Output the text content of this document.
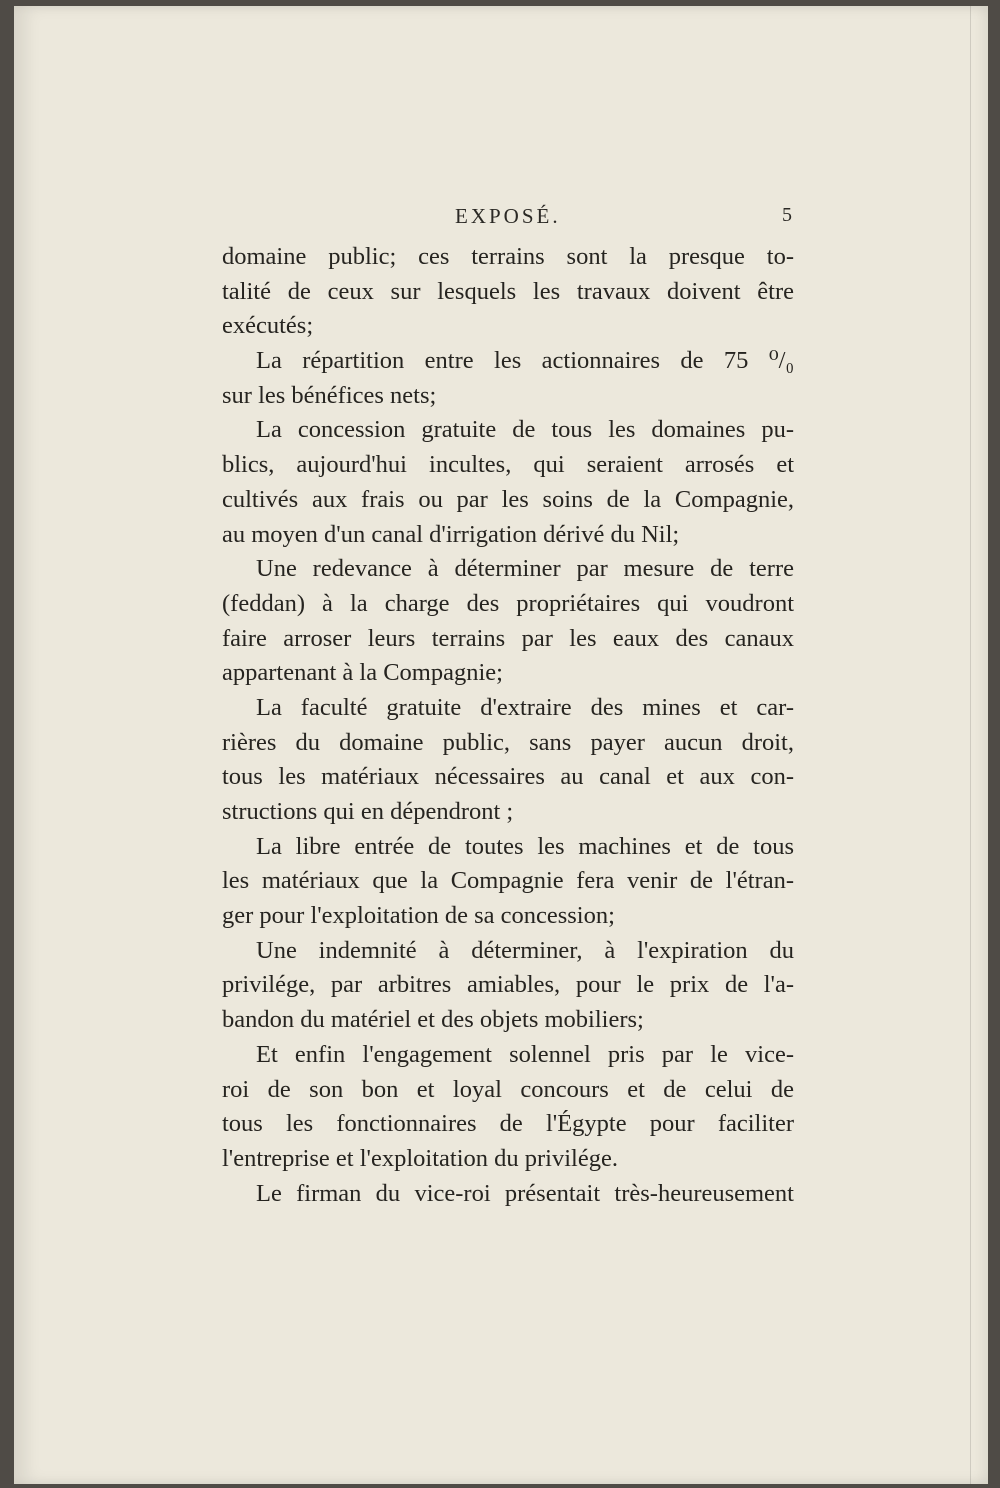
EXPOSÉ.	5
domaine public; ces terrains sont la presque to-
talité de ceux sur lesquels les travaux doivent être
exécutés;
La répartition entre les actionnaires de 75 ⁰/₀
sur les bénéfices nets;
La concession gratuite de tous les domaines pu-
blics, aujourd'hui incultes, qui seraient arrosés et
cultivés aux frais ou par les soins de la Compagnie,
au moyen d'un canal d'irrigation dérivé du Nil;
Une redevance à déterminer par mesure de terre
(feddan) à la charge des propriétaires qui voudront
faire arroser leurs terrains par les eaux des canaux
appartenant à la Compagnie;
La faculté gratuite d'extraire des mines et car-
rières du domaine public, sans payer aucun droit,
tous les matériaux nécessaires au canal et aux con-
structions qui en dépendront ;
La libre entrée de toutes les machines et de tous
les matériaux que la Compagnie fera venir de l'étran-
ger pour l'exploitation de sa concession;
Une indemnité à déterminer, à l'expiration du
privilége, par arbitres amiables, pour le prix de l'a-
bandon du matériel et des objets mobiliers;
Et enfin l'engagement solennel pris par le vice-
roi de son bon et loyal concours et de celui de
tous les fonctionnaires de l'Égypte pour faciliter
l'entreprise et l'exploitation du privilége.
Le firman du vice-roi présentait très-heureusement
